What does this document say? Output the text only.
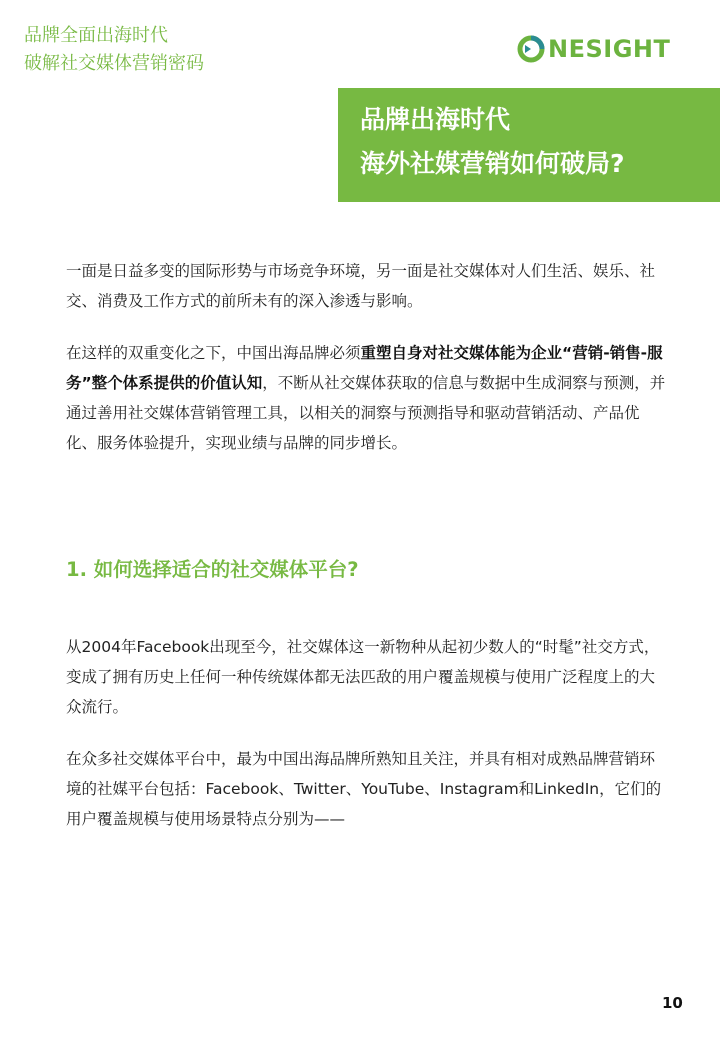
品牌全面出海时代
破解社交媒体营销密码
NESIGHT
品牌出海时代
海外社媒营销如何破局?

一面是日益多变的国际形势与市场竞争环境，另一面是社交媒体对人们生活、娱乐、社交、消费及工作方式的前所未有的深入渗透与影响。

在这样的双重变化之下，中国出海品牌必须重塑自身对社交媒体能为企业“营销-销售-服务”整个体系提供的价值认知，不断从社交媒体获取的信息与数据中生成洞察与预测，并通过善用社交媒体营销管理工具，以相关的洞察与预测指导和驱动营销活动、产品优化、服务体验提升，实现业绩与品牌的同步增长。

1. 如何选择适合的社交媒体平台?

从2004年Facebook出现至今，社交媒体这一新物种从起初少数人的“时髦”社交方式，变成了拥有历史上任何一种传统媒体都无法匹敌的用户覆盖规模与使用广泛程度上的大众流行。

在众多社交媒体平台中，最为中国出海品牌所熟知且关注，并具有相对成熟品牌营销环境的社媒平台包括：Facebook、Twitter、YouTube、Instagram和LinkedIn，它们的用户覆盖规模与使用场景特点分别为——

10
